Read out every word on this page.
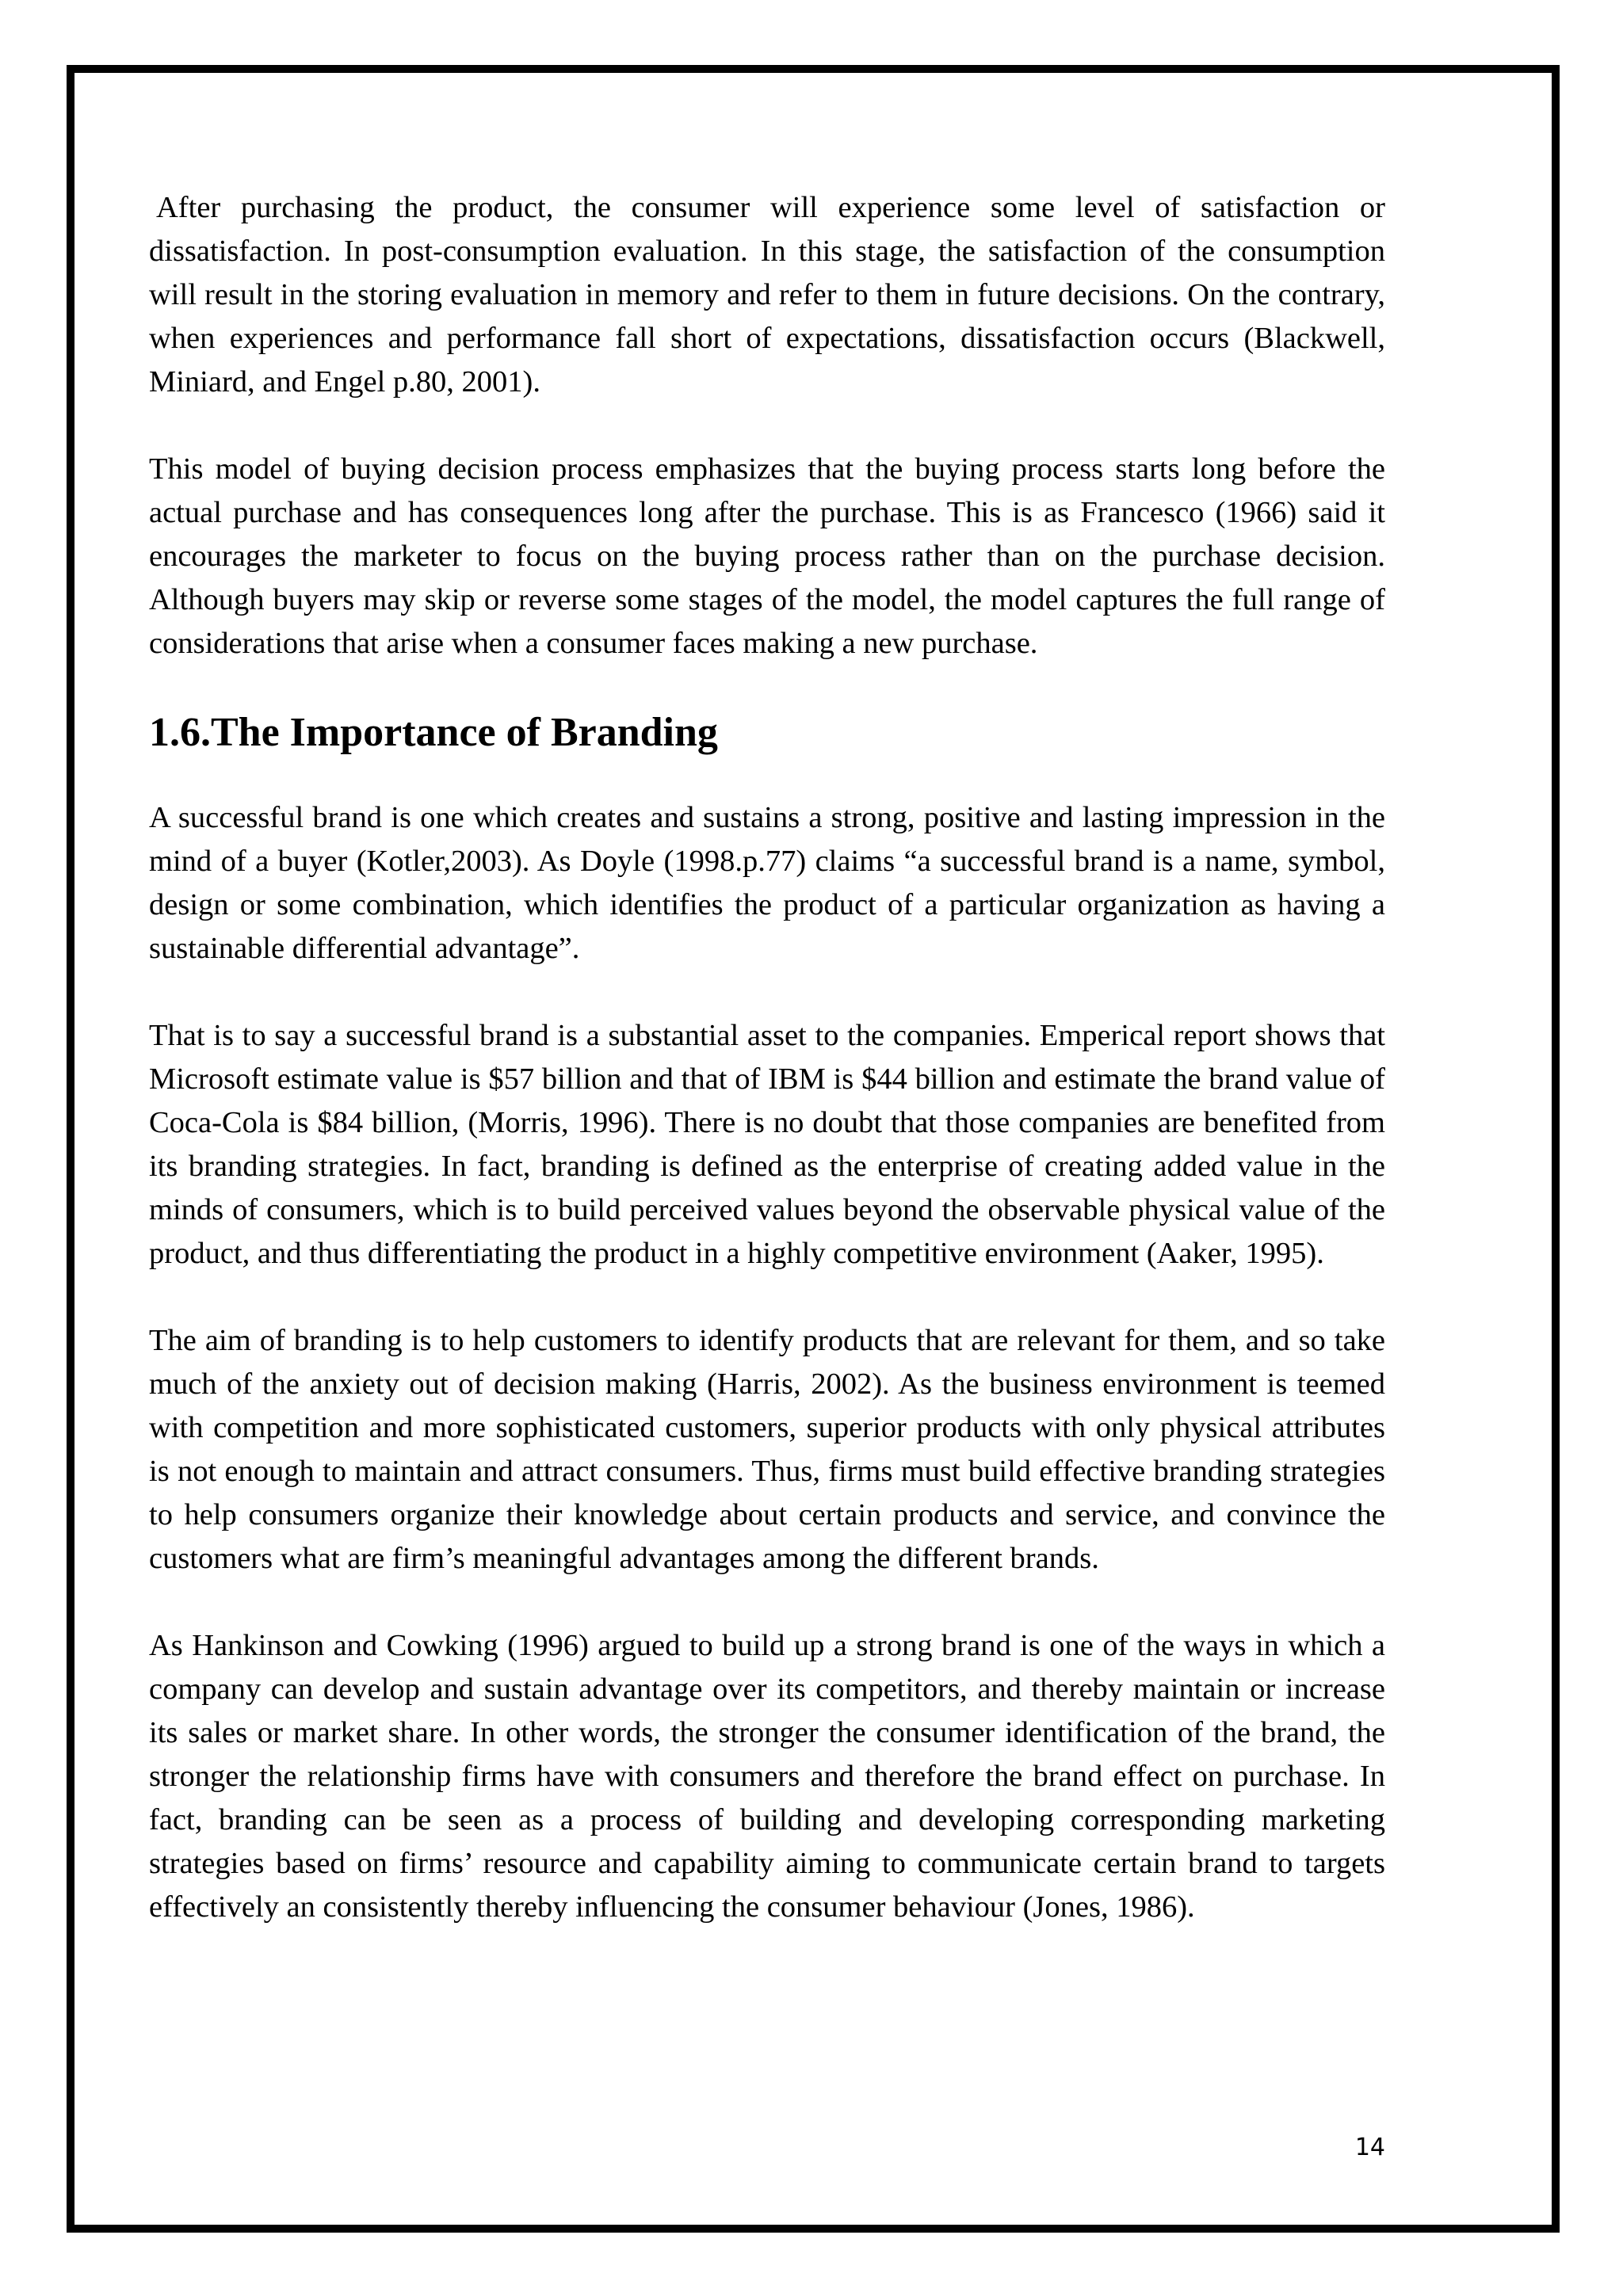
After purchasing the product, the consumer will experience some level of satisfaction or dissatisfaction. In post-consumption evaluation. In this stage, the satisfaction of the consumption will result in the storing evaluation in memory and refer to them in future decisions. On the contrary, when experiences and performance fall short of expectations, dissatisfaction occurs (Blackwell, Miniard, and Engel p.80, 2001).

This model of buying decision process emphasizes that the buying process starts long before the actual purchase and has consequences long after the purchase. This is as Francesco (1966) said it encourages the marketer to focus on the buying process rather than on the purchase decision. Although buyers may skip or reverse some stages of the model, the model captures the full range of considerations that arise when a consumer faces making a new purchase.

1.6.The Importance of Branding

A successful brand is one which creates and sustains a strong, positive and lasting impression in the mind of a buyer (Kotler,2003). As Doyle (1998.p.77) claims “a successful brand is a name, symbol, design or some combination, which identifies the product of a particular organization as having a sustainable differential advantage”.

That is to say a successful brand is a substantial asset to the companies. Emperical report shows that Microsoft estimate value is $57 billion and that of IBM is $44 billion and estimate the brand value of Coca-Cola is $84 billion, (Morris, 1996). There is no doubt that those companies are benefited from its branding strategies. In fact, branding is defined as the enterprise of creating added value in the minds of consumers, which is to build perceived values beyond the observable physical value of the product, and thus differentiating the product in a highly competitive environment (Aaker, 1995).

The aim of branding is to help customers to identify products that are relevant for them, and so take much of the anxiety out of decision making (Harris, 2002). As the business environment is teemed with competition and more sophisticated customers, superior products with only physical attributes is not enough to maintain and attract consumers. Thus, firms must build effective branding strategies to help consumers organize their knowledge about certain products and service, and convince the customers what are firm’s meaningful advantages among the different brands.

As Hankinson and Cowking (1996) argued to build up a strong brand is one of the ways in which a company can develop and sustain advantage over its competitors, and thereby maintain or increase its sales or market share. In other words, the stronger the consumer identification of the brand, the stronger the relationship firms have with consumers and therefore the brand effect on purchase. In fact, branding can be seen as a process of building and developing corresponding marketing strategies based on firms’ resource and capability aiming to communicate certain brand to targets effectively an consistently thereby influencing the consumer behaviour (Jones, 1986).

14
